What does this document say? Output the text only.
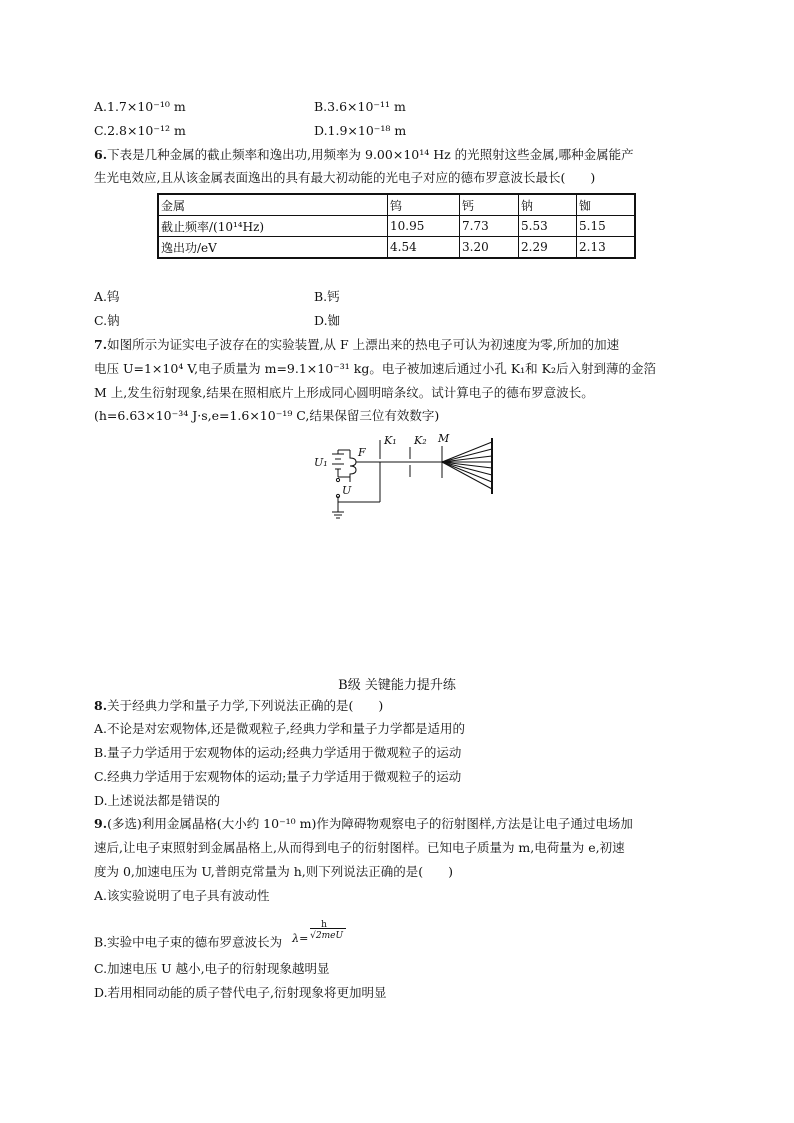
A.1.7×10⁻¹⁰ m	B.3.6×10⁻¹¹ m
C.2.8×10⁻¹² m	D.1.9×10⁻¹⁸ m
6.下表是几种金属的截止频率和逸出功,用频率为 9.00×10¹⁴ Hz 的光照射这些金属,哪种金属能产
生光电效应,且从该金属表面逸出的具有最大初动能的光电子对应的德布罗意波长最长(　　)
金属	钨	钙	钠	铷
截止频率/(10¹⁴Hz)	10.95	7.73	5.53	5.15
逸出功/eV	4.54	3.20	2.29	2.13
A.钨	B.钙
C.钠	D.铷
7.如图所示为证实电子波存在的实验装置,从 F 上漂出来的热电子可认为初速度为零,所加的加速
电压 U=1×10⁴ V,电子质量为 m=9.1×10⁻³¹ kg。电子被加速后通过小孔 K₁和 K₂后入射到薄的金箔
M 上,发生衍射现象,结果在照相底片上形成同心圆明暗条纹。试计算电子的德布罗意波长。
(h=6.63×10⁻³⁴ J·s,e=1.6×10⁻¹⁹ C,结果保留三位有效数字)
U₁
F
U
K₁ K₂ M
B级 关键能力提升练
8.关于经典力学和量子力学,下列说法正确的是(　　)
A.不论是对宏观物体,还是微观粒子,经典力学和量子力学都是适用的
B.量子力学适用于宏观物体的运动;经典力学适用于微观粒子的运动
C.经典力学适用于宏观物体的运动;量子力学适用于微观粒子的运动
D.上述说法都是错误的
9.(多选)利用金属晶格(大小约 10⁻¹⁰ m)作为障碍物观察电子的衍射图样,方法是让电子通过电场加
速后,让电子束照射到金属晶格上,从而得到电子的衍射图样。已知电子质量为 m,电荷量为 e,初速
度为 0,加速电压为 U,普朗克常量为 h,则下列说法正确的是(　　)
A.该实验说明了电子具有波动性
B.实验中电子束的德布罗意波长为
h
λ= √2meU
C.加速电压 U 越小,电子的衍射现象越明显
D.若用相同动能的质子替代电子,衍射现象将更加明显
